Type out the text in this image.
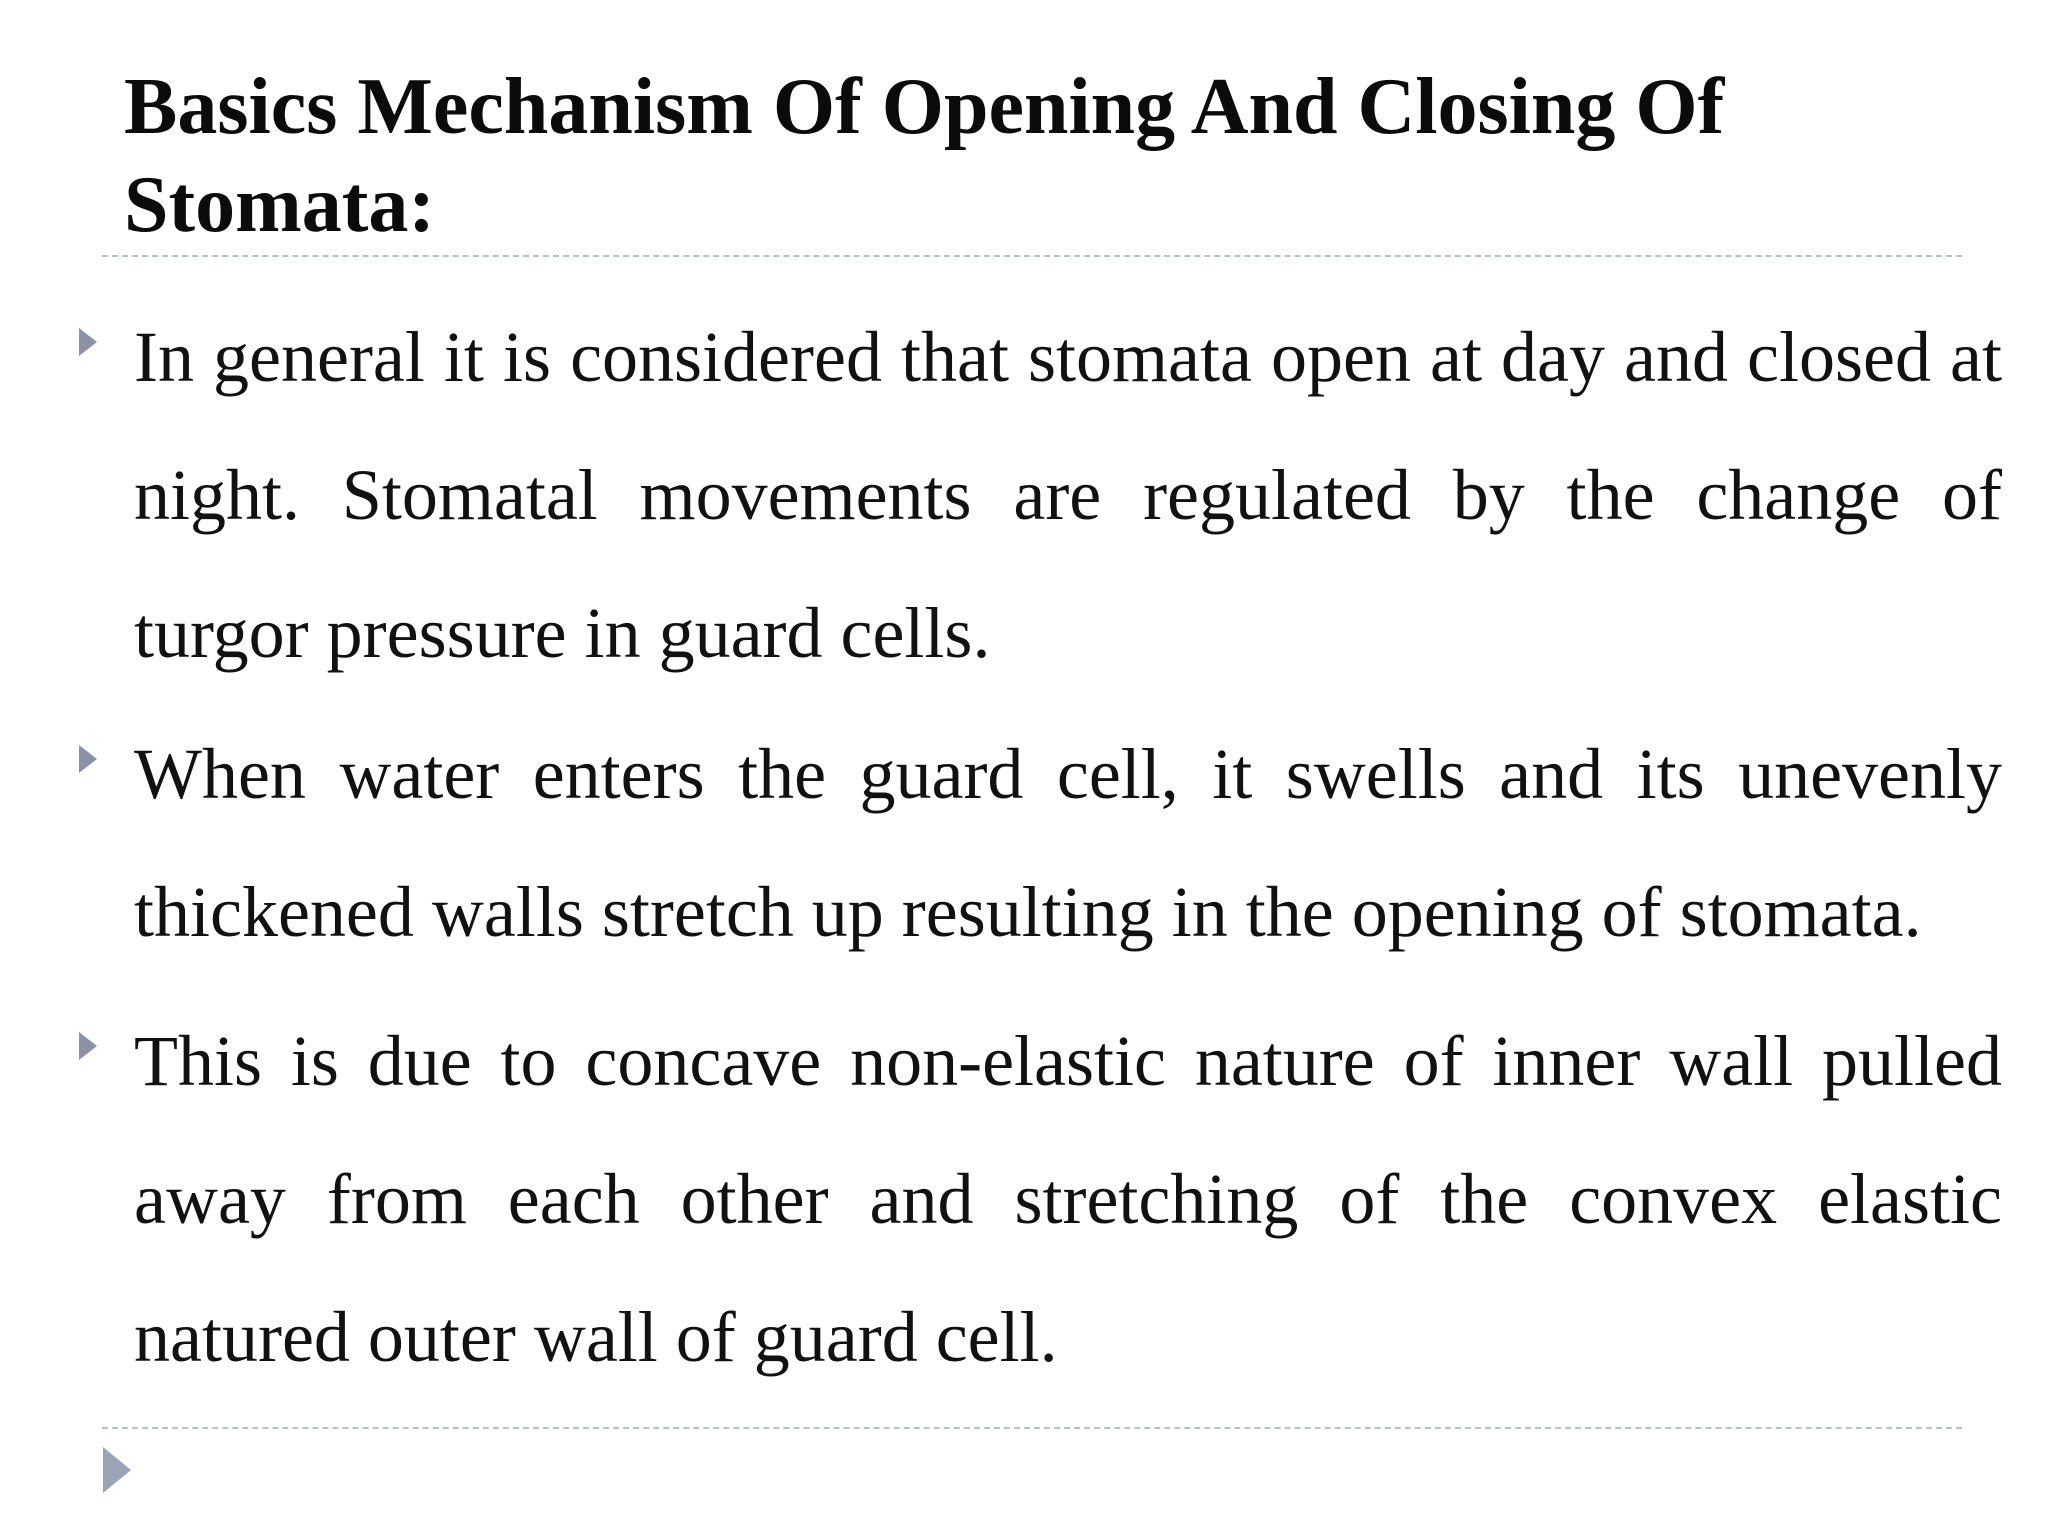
Basics Mechanism Of Opening And Closing Of Stomata:

In general it is considered that stomata open at day and closed at night. Stomatal movements are regulated by the change of turgor pressure in guard cells.

When water enters the guard cell, it swells and its unevenly thickened walls stretch up resulting in the opening of stomata.

This is due to concave non-elastic nature of inner wall pulled away from each other and stretching of the convex elastic natured outer wall of guard cell.
